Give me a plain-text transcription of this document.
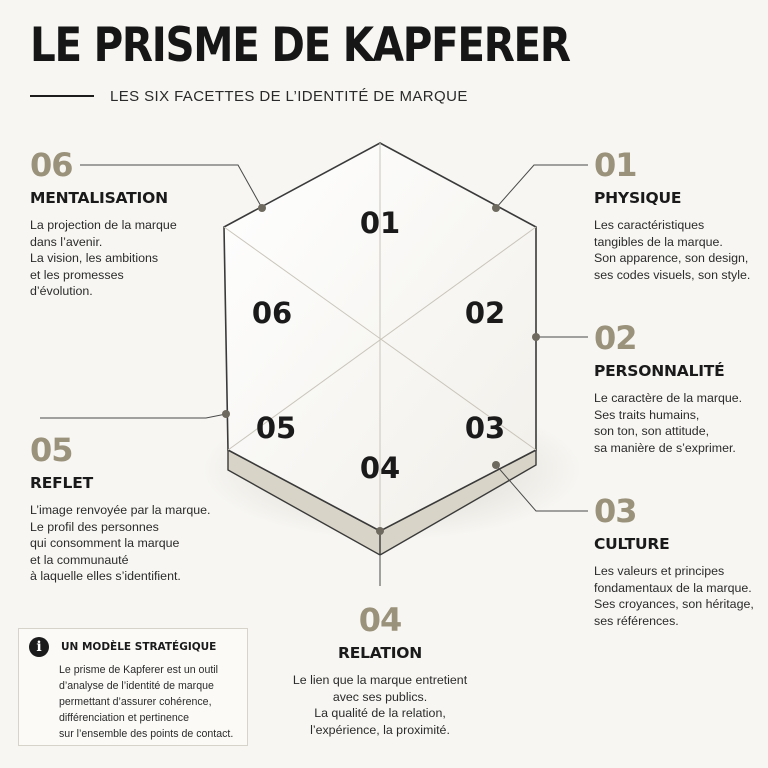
LE PRISME DE KAPFERER
LES SIX FACETTES DE L’IDENTITÉ DE MARQUE
01
02
03
04
05
06
06
MENTALISATION
La projection de la marque
dans l’avenir.
La vision, les ambitions
et les promesses
d’évolution.
05
REFLET
L’image renvoyée par la marque.
Le profil des personnes
qui consomment la marque
et la communauté
à laquelle elles s’identifient.
01
PHYSIQUE
Les caractéristiques
tangibles de la marque.
Son apparence, son design,
ses codes visuels, son style.
02
PERSONNALITÉ
Le caractère de la marque.
Ses traits humains,
son ton, son attitude,
sa manière de s’exprimer.
03
CULTURE
Les valeurs et principes
fondamentaux de la marque.
Ses croyances, son héritage,
ses références.
04
RELATION
Le lien que la marque entretient
avec ses publics.
La qualité de la relation,
l’expérience, la proximité.
i	UN MODÈLE STRATÉGIQUE
Le prisme de Kapferer est un outil
d’analyse de l’identité de marque
permettant d’assurer cohérence,
différenciation et pertinence
sur l’ensemble des points de contact.
